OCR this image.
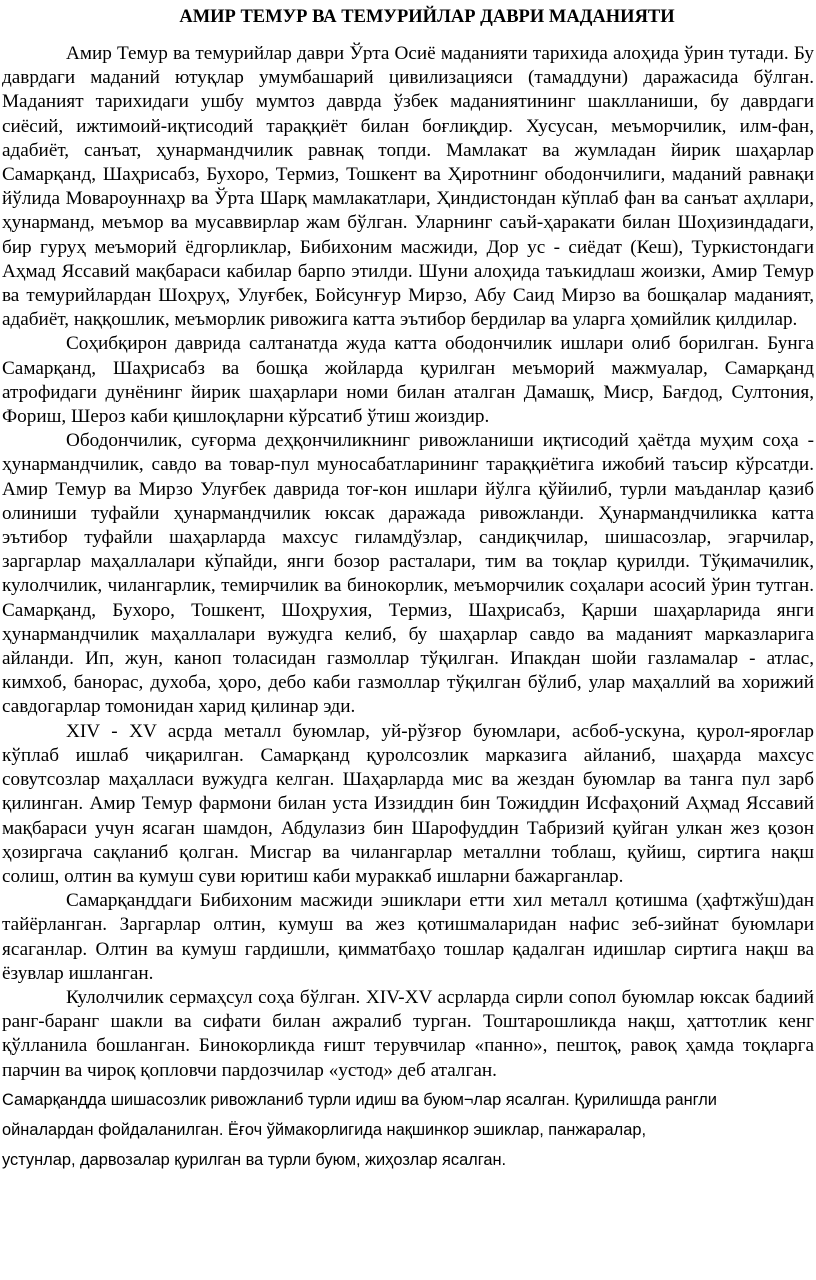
АМИР ТЕМУР ВА ТЕМУРИЙЛАР ДАВРИ МАДАНИЯТИ

Амир Темур ва темурийлар даври Ўрта Осиё маданияти тарихида алоҳида ўрин тутади. Бу даврдаги маданий ютуқлар умумбашарий цивилизацияси (тамаддуни) даражасида бўлган. Маданият тарихидаги ушбу мумтоз даврда ўзбек маданиятининг шаклланиши, бу даврдаги сиёсий, ижтимоий-иқтисодий тараққиёт билан боғлиқдир. Хусусан, меъморчилик, илм-фан, адабиёт, санъат, ҳунармандчилик равнақ топди. Мамлакат ва жумладан йирик шаҳарлар Самарқанд, Шаҳрисабз, Бухоро, Термиз, Тошкент ва Ҳиротнинг ободончилиги, маданий равнақи йўлида Мовароуннаҳр ва Ўрта Шарқ мамлакатлари, Ҳиндистондан кўплаб фан ва санъат аҳллари, ҳунарманд, меъмор ва мусаввирлар жам бўлган. Уларнинг саъй-ҳаракати билан Шоҳизиндадаги, бир гуруҳ меъморий ёдгорликлар, Бибихоним масжиди, Дор ус - сиёдат (Кеш), Туркистондаги Аҳмад Яссавий мақбараси кабилар барпо этилди. Шуни алоҳида таъкидлаш жоизки, Амир Темур ва темурийлардан Шоҳруҳ, Улуғбек, Бойсунғур Мирзо, Абу Саид Мирзо ва бошқалар маданият, адабиёт, наққошлик, меъморлик ривожига катта эътибор бердилар ва уларга ҳомийлик қилдилар.

Соҳибқирон даврида салтанатда жуда катта ободончилик ишлари олиб борилган. Бунга Самарқанд, Шаҳрисабз ва бошқа жойларда қурилган меъморий мажмуалар, Самарқанд атрофидаги дунёнинг йирик шаҳарлари номи билан аталган Дамашқ, Миср, Бағдод, Султония, Фориш, Шероз каби қишлоқларни кўрсатиб ўтиш жоиздир.

Ободончилик, суғорма деҳқончиликнинг ривожланиши иқтисодий ҳаётда муҳим соҳа - ҳунармандчилик, савдо ва товар-пул муносабатларининг тараққиётига ижобий таъсир кўрсатди. Амир Темур ва Мирзо Улуғбек даврида тоғ-кон ишлари йўлга қўйилиб, турли маъданлар қазиб олиниши туфайли ҳунармандчилик юксак даражада ривожланди. Ҳунармандчиликка катта эътибор туфайли шаҳарларда махсус гиламдўзлар, сандиқчилар, шишасозлар, эгарчилар, заргарлар маҳаллалари кўпайди, янги бозор расталари, тим ва тоқлар қурилди. Тўқимачилик, кулолчилик, чилангарлик, темирчилик ва бинокорлик, меъморчилик соҳалари асосий ўрин тутган. Самарқанд, Бухоро, Тошкент, Шоҳрухия, Термиз, Шаҳрисабз, Қарши шаҳарларида янги ҳунармандчилик маҳаллалари вужудга келиб, бу шаҳарлар савдо ва маданият марказларига айланди. Ип, жун, каноп толасидан газмоллар тўқилган. Ипакдан шойи газламалар - атлас, кимхоб, банорас, духоба, ҳоро, дебо каби газмоллар тўқилган бўлиб, улар маҳаллий ва хорижий савдогарлар томонидан харид қилинар эди.

XIV - XV асрда металл буюмлар, уй-рўзғор буюмлари, асбоб-ускуна, қурол-яроғлар кўплаб ишлаб чиқарилган. Самарқанд қуролсозлик марказига айланиб, шаҳарда махсус совутсозлар маҳалласи вужудга келган. Шаҳарларда мис ва жездан буюмлар ва танга пул зарб қилинган. Амир Темур фармони билан уста Иззиддин бин Тожиддин Исфаҳоний Аҳмад Яссавий мақбараси учун ясаган шамдон, Абдулазиз бин Шарофуддин Табризий қуйган улкан жез қозон ҳозиргача сақланиб қолган. Мисгар ва чилангарлар металлни тоблаш, қуйиш, сиртига нақш солиш, олтин ва кумуш суви юритиш каби мураккаб ишларни бажарганлар.

Самарқанддаги Бибихоним масжиди эшиклари етти хил металл қотишма (ҳафтжўш)дан тайёрланган. Заргарлар олтин, кумуш ва жез қотишмаларидан нафис зеб-зийнат буюмлари ясаганлар. Олтин ва кумуш гардишли, қимматбаҳо тошлар қадалган идишлар сиртига нақш ва ёзувлар ишланган.

Кулолчилик сермаҳсул соҳа бўлган. XIV-XV асрларда сирли сопол буюмлар юксак бадиий ранг-баранг шакли ва сифати билан ажралиб турган. Тоштарошликда нақш, ҳаттотлик кенг қўлланила бошланган. Бинокорликда ғишт терувчилар «панно», пештоқ, равоқ ҳамда тоқларга парчин ва чироқ қопловчи пардозчилар «устод» деб аталган.

Самарқандда шишасозлик ривожланиб турли идиш ва буюм¬лар ясалган. Қурилишда рангли
ойналардан фойдаланилган. Ёғоч ўймакорлигида нақшинкор эшиклар, панжаралар,
устунлар, дарвозалар қурилган ва турли буюм, жиҳозлар ясалган.
